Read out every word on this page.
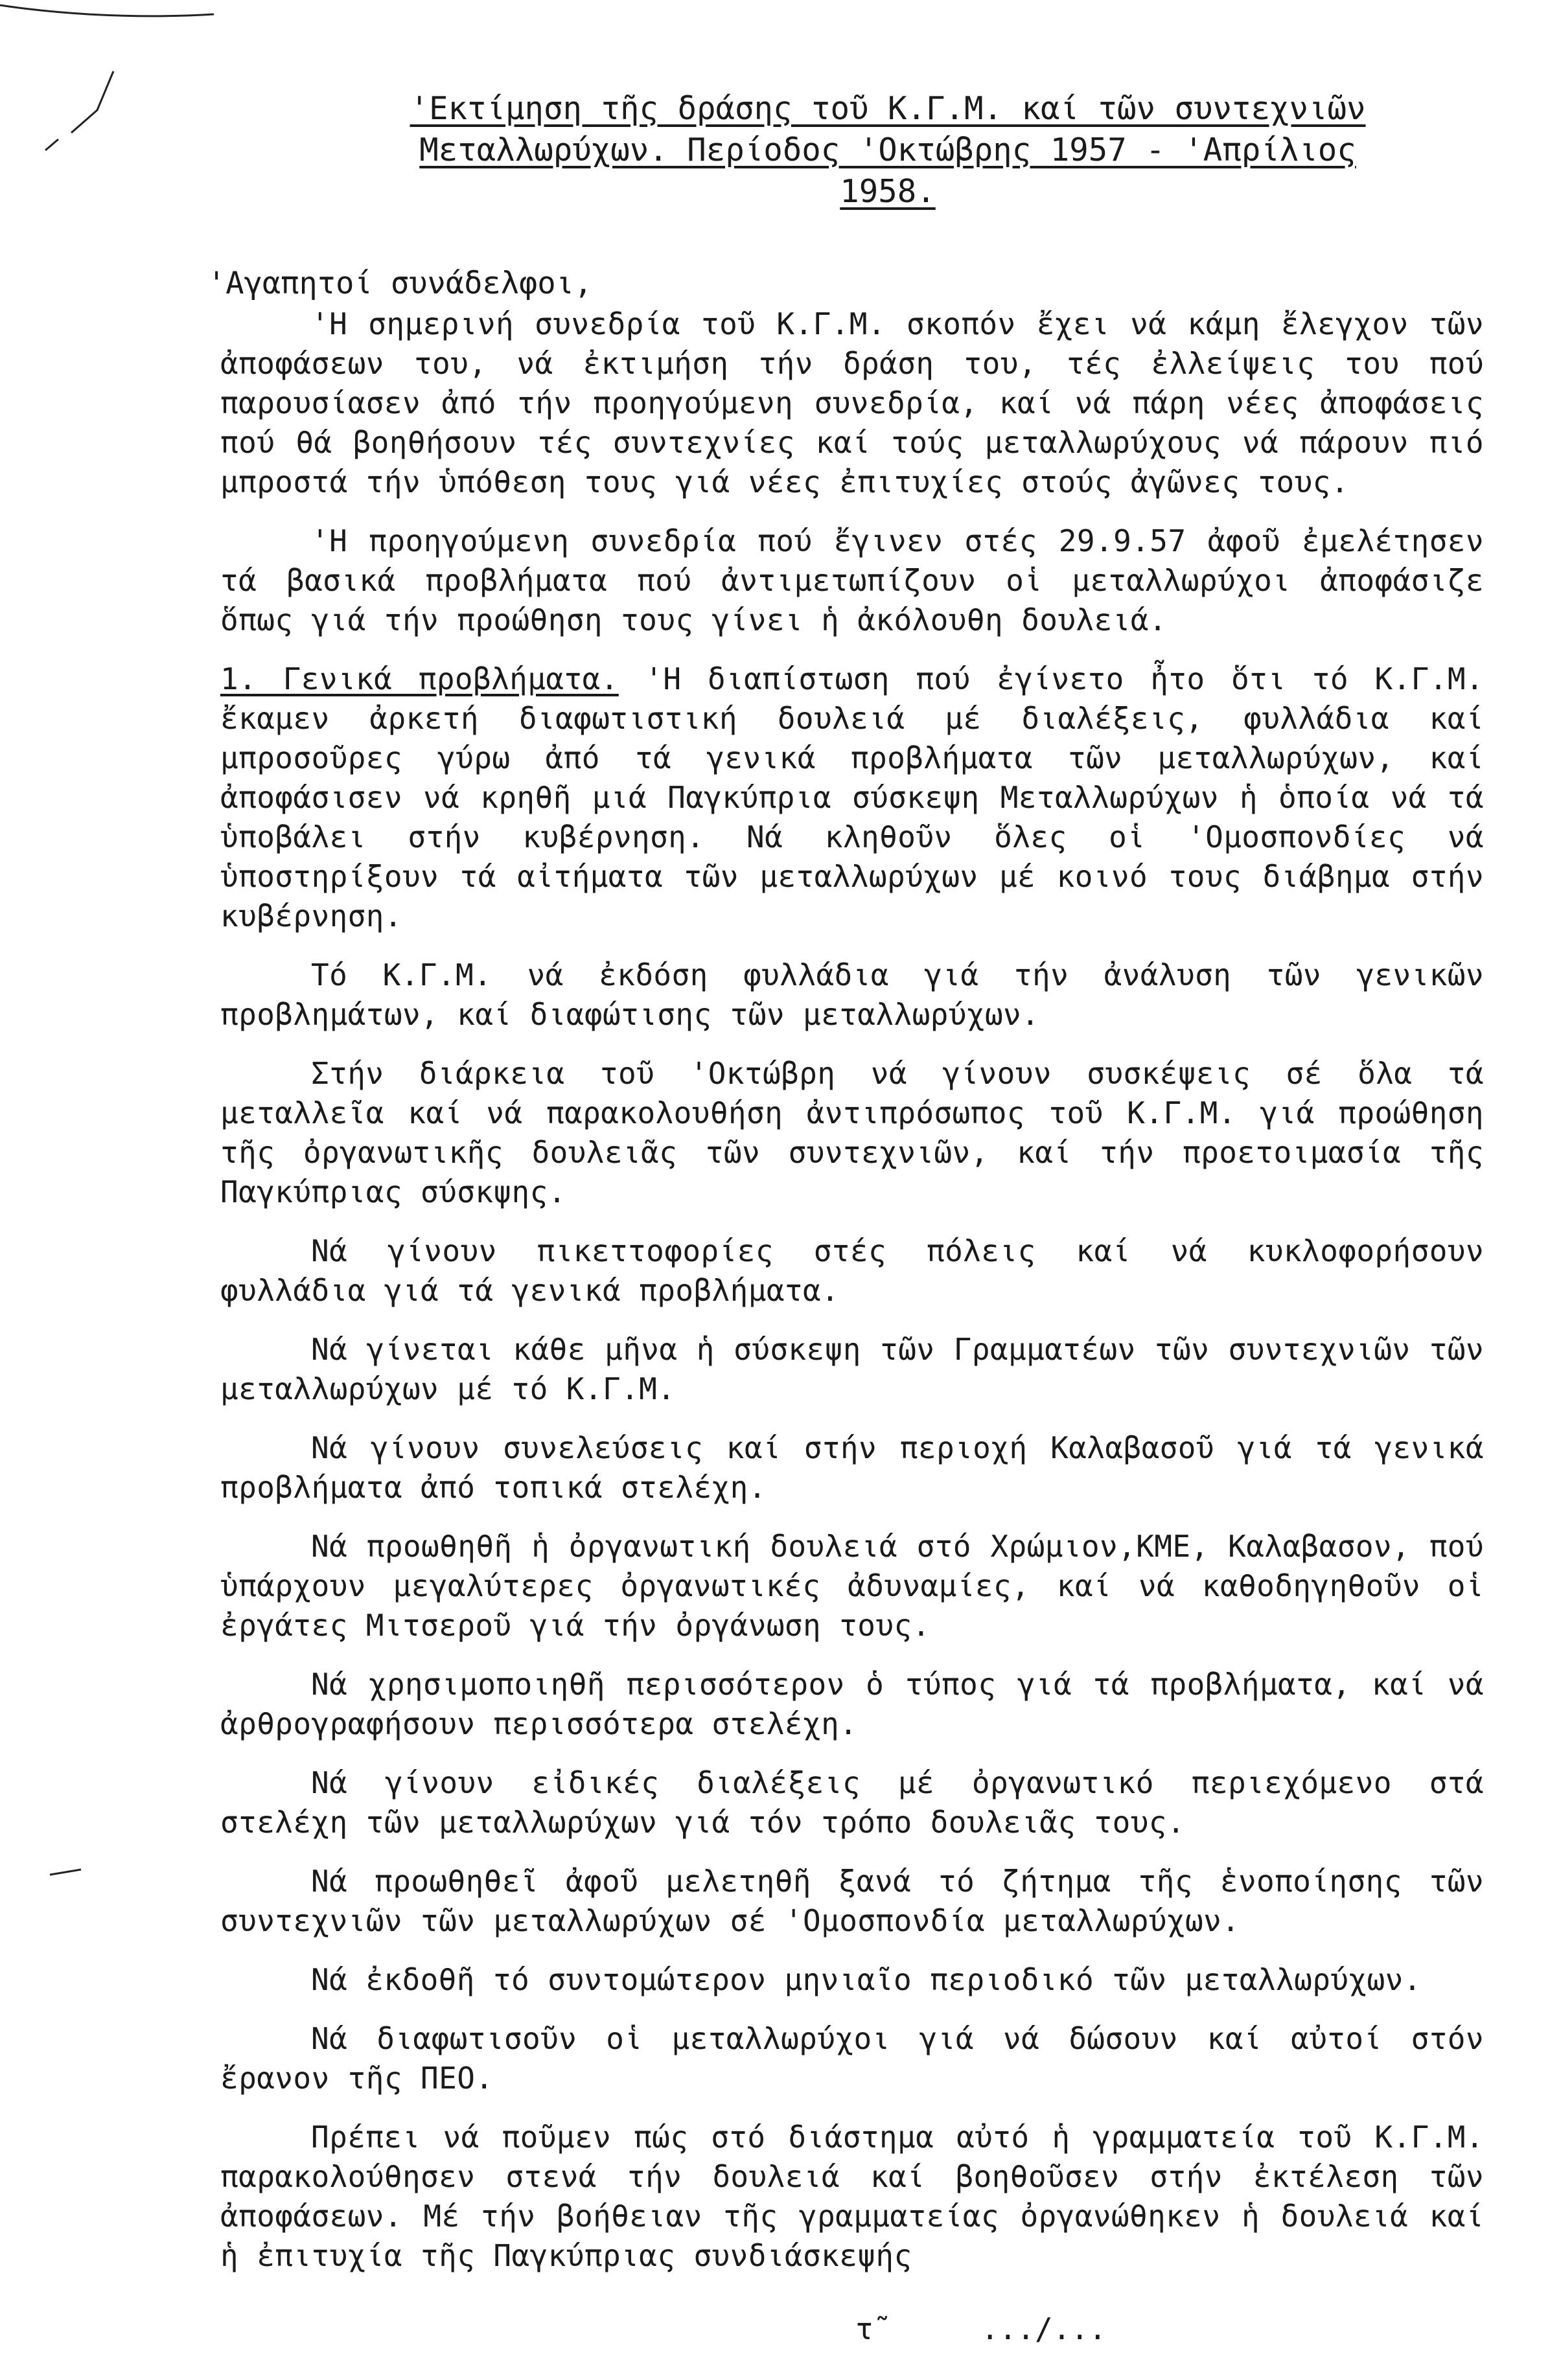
'Εκτίμηση τῆς δράσης τοῦ Κ.Γ.Μ. καί τῶν συντεχνιῶν
Μεταλλωρύχων. Περίοδος 'Οκτώβρης 1957 - 'Απρίλιος
1958.
'Αγαπητοί συνάδελφοι,

'Η σημερινή συνεδρία τοῦ Κ.Γ.Μ. σκοπόν ἔχει νά κάμη ἔλεγχον τῶν ἀποφάσεων του, νά ἐκτιμήση τήν δράση του, τές ἐλλείψεις του πού παρουσίασεν ἀπό τήν προηγούμενη συνεδρία, καί νά πάρη νέες ἀποφάσεις πού θά βοηθήσουν τές συντεχνίες καί τούς μεταλλωρύχους νά πάρουν πιό μπροστά τήν ὑπόθεση τους γιά νέες ἐπιτυχίες στούς ἀγῶνες τους.

'Η προηγούμενη συνεδρία πού ἔγινεν στές 29.9.57 ἀφοῦ ἐμελέτησεν τά βασικά προβλήματα πού ἀντιμετωπίζουν οἱ μεταλλωρύχοι ἀποφάσιζε ὅπως γιά τήν προώθηση τους γίνει ἡ ἀκόλουθη δουλειά.

1. Γενικά προβλήματα. 'Η διαπίστωση πού ἐγίνετο ἦτο ὅτι τό Κ.Γ.Μ. ἔκαμεν ἀρκετή διαφωτιστική δουλειά μέ διαλέξεις, φυλλάδια καί μπροσοῦρες γύρω ἀπό τά γενικά προβλήματα τῶν μεταλλωρύχων, καί ἀποφάσισεν νά κρηθῆ μιά Παγκύπρια σύσκεψη Μεταλλωρύχων ἡ ὁποία νά τά ὑποβάλει στήν κυβέρνηση. Νά κληθοῦν ὅλες οἱ 'Ομοσπονδίες νά ὑποστηρίξουν τά αἰτήματα τῶν μεταλλωρύχων μέ κοινό τους διάβημα στήν κυβέρνηση.

Τό Κ.Γ.Μ. νά ἐκδόση φυλλάδια γιά τήν ἀνάλυση τῶν γενικῶν προβλημάτων, καί διαφώτισης τῶν μεταλλωρύχων.

Στήν διάρκεια τοῦ 'Οκτώβρη νά γίνουν συσκέψεις σέ ὅλα τά μεταλλεῖα καί νά παρακολουθήση ἀντιπρόσωπος τοῦ Κ.Γ.Μ. γιά προώθηση τῆς ὀργανωτικῆς δουλειᾶς τῶν συντεχνιῶν, καί τήν προετοιμασία τῆς Παγκύπριας σύσκψης.

Νά γίνουν πικεττοφορίες στές πόλεις καί νά κυκλοφορήσουν φυλλάδια γιά τά γενικά προβλήματα.

Νά γίνεται κάθε μῆνα ἡ σύσκεψη τῶν Γραμματέων τῶν συντεχνιῶν τῶν μεταλλωρύχων μέ τό Κ.Γ.Μ.

Νά γίνουν συνελεύσεις καί στήν περιοχή Καλαβασοῦ γιά τά γενικά προβλήματα ἀπό τοπικά στελέχη.

Νά προωθηθῆ ἡ ὀργανωτική δουλειά στό Χρώμιον,ΚΜΕ, Καλαβασον, πού ὑπάρχουν μεγαλύτερες ὀργανωτικές ἀδυναμίες, καί νά καθοδηγηθοῦν οἱ ἐργάτες Μιτσεροῦ γιά τήν ὀργάνωση τους.

Νά χρησιμοποιηθῆ περισσότερον ὁ τύπος γιά τά προβλήματα, καί νά ἀρθρογραφήσουν περισσότερα στελέχη.

Νά γίνουν εἰδικές διαλέξεις μέ ὀργανωτικό περιεχόμενο στά στελέχη τῶν μεταλλωρύχων γιά τόν τρόπο δουλειᾶς τους.

Νά προωθηθεῖ ἀφοῦ μελετηθῆ ξανά τό ζήτημα τῆς ἑνοποίησης τῶν συντεχνιῶν τῶν μεταλλωρύχων σέ 'Ομοσπονδία μεταλλωρύχων.

Νά ἐκδοθῆ τό συντομώτερον μηνιαῖο περιοδικό τῶν μεταλλωρύχων.

Νά διαφωτισοῦν οἱ μεταλλωρύχοι γιά νά δώσουν καί αὐτοί στόν ἔρανον τῆς ΠΕΟ.

Πρέπει νά ποῦμεν πώς στό διάστημα αὐτό ἡ γραμματεία τοῦ Κ.Γ.Μ. παρακολούθησεν στενά τήν δουλειά καί βοηθοῦσεν στήν ἐκτέλεση τῶν ἀποφάσεων. Μέ τήν βοήθειαν τῆς γραμματείας ὀργανώθηκεν ἡ δουλειά καί ἡ ἐπιτυχία τῆς Παγκύπριας συνδιάσκεψής

τ˜     .../...
